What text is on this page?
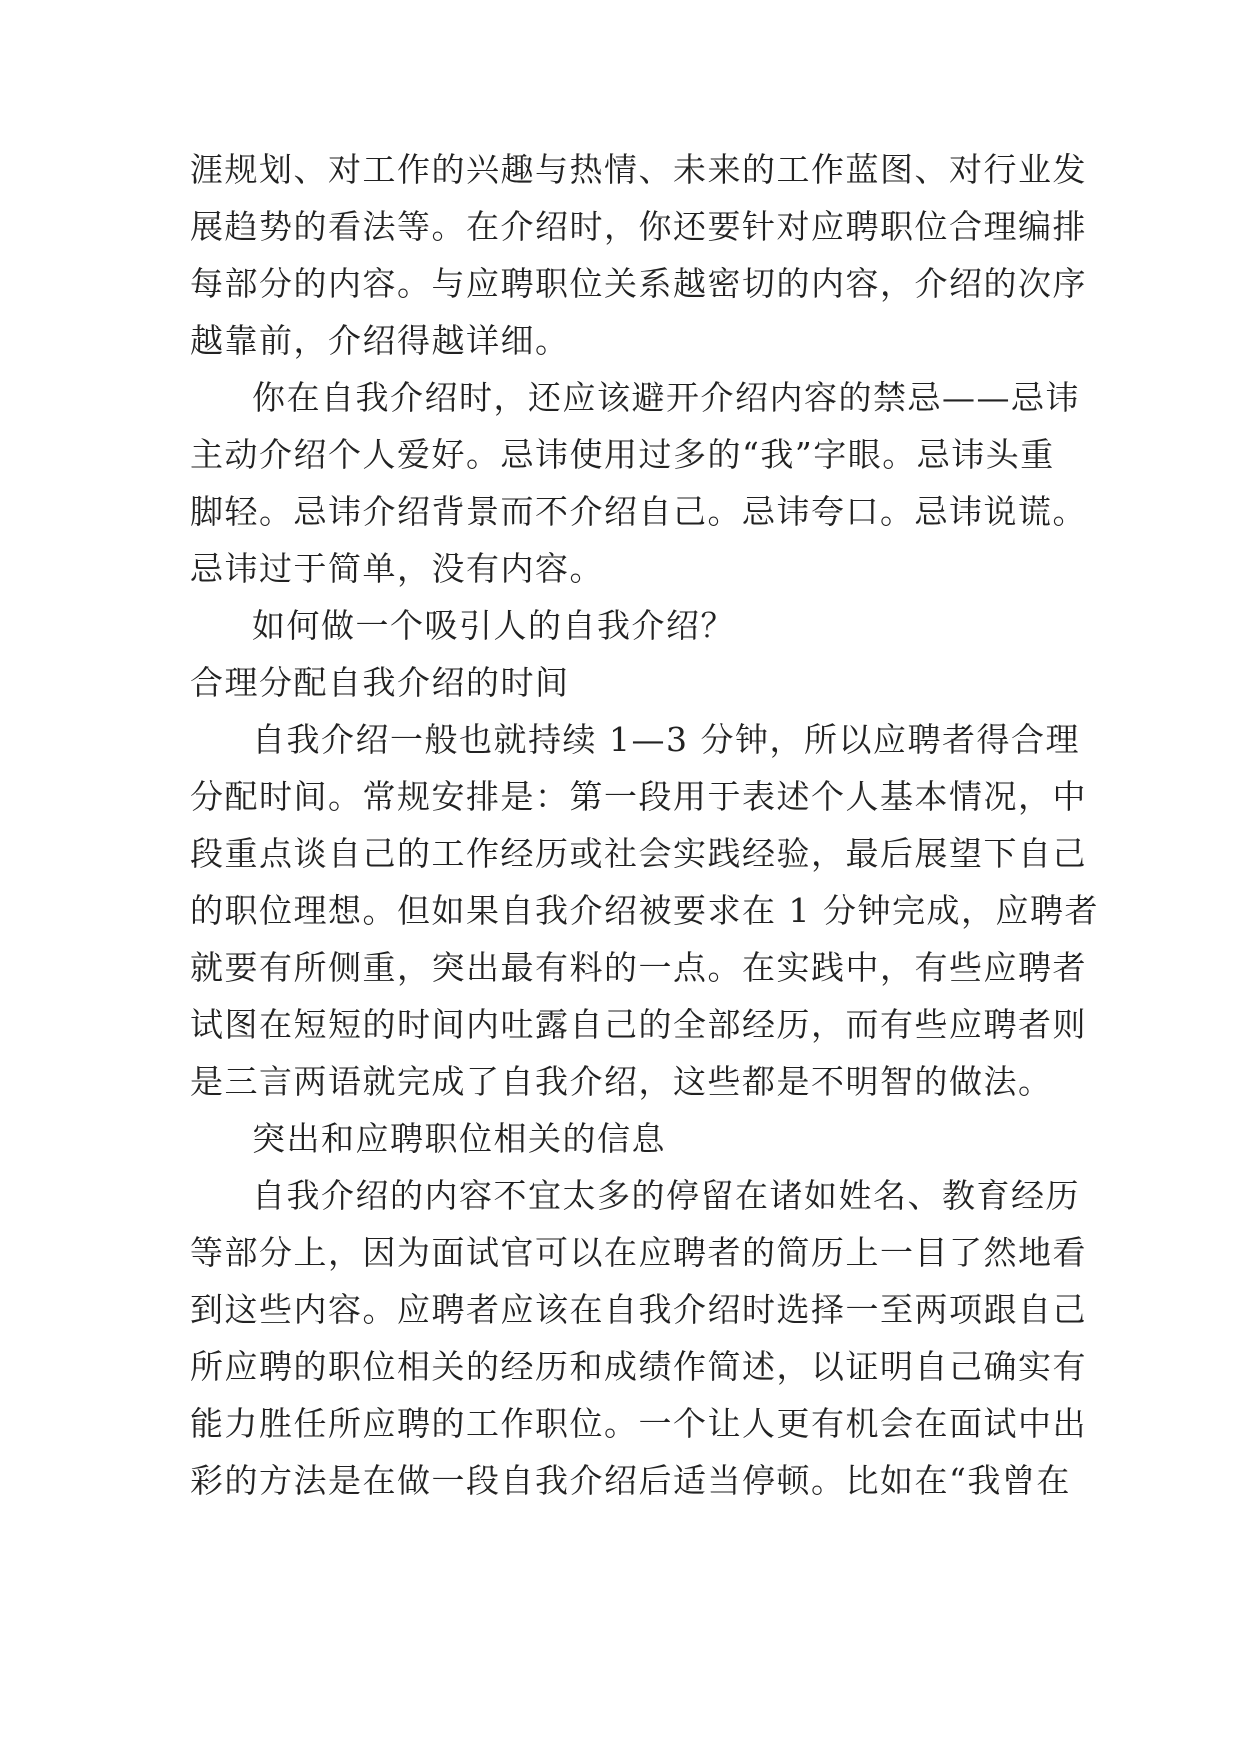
涯规划、对工作的兴趣与热情、未来的工作蓝图、对行业发
展趋势的看法等。在介绍时，你还要针对应聘职位合理编排
每部分的内容。与应聘职位关系越密切的内容，介绍的次序
越靠前，介绍得越详细。
你在自我介绍时，还应该避开介绍内容的禁忌——忌讳
主动介绍个人爱好。忌讳使用过多的“我”字眼。忌讳头重
脚轻。忌讳介绍背景而不介绍自己。忌讳夸口。忌讳说谎。
忌讳过于简单，没有内容。
如何做一个吸引人的自我介绍？
合理分配自我介绍的时间
自我介绍一般也就持续 1—3 分钟，所以应聘者得合理
分配时间。常规安排是：第一段用于表述个人基本情况，中
段重点谈自己的工作经历或社会实践经验，最后展望下自己
的职位理想。但如果自我介绍被要求在 1 分钟完成，应聘者
就要有所侧重，突出最有料的一点。在实践中，有些应聘者
试图在短短的时间内吐露自己的全部经历，而有些应聘者则
是三言两语就完成了自我介绍，这些都是不明智的做法。
突出和应聘职位相关的信息
自我介绍的内容不宜太多的停留在诸如姓名、教育经历
等部分上，因为面试官可以在应聘者的简历上一目了然地看
到这些内容。应聘者应该在自我介绍时选择一至两项跟自己
所应聘的职位相关的经历和成绩作简述，以证明自己确实有
能力胜任所应聘的工作职位。一个让人更有机会在面试中出
彩的方法是在做一段自我介绍后适当停顿。比如在“我曾在
